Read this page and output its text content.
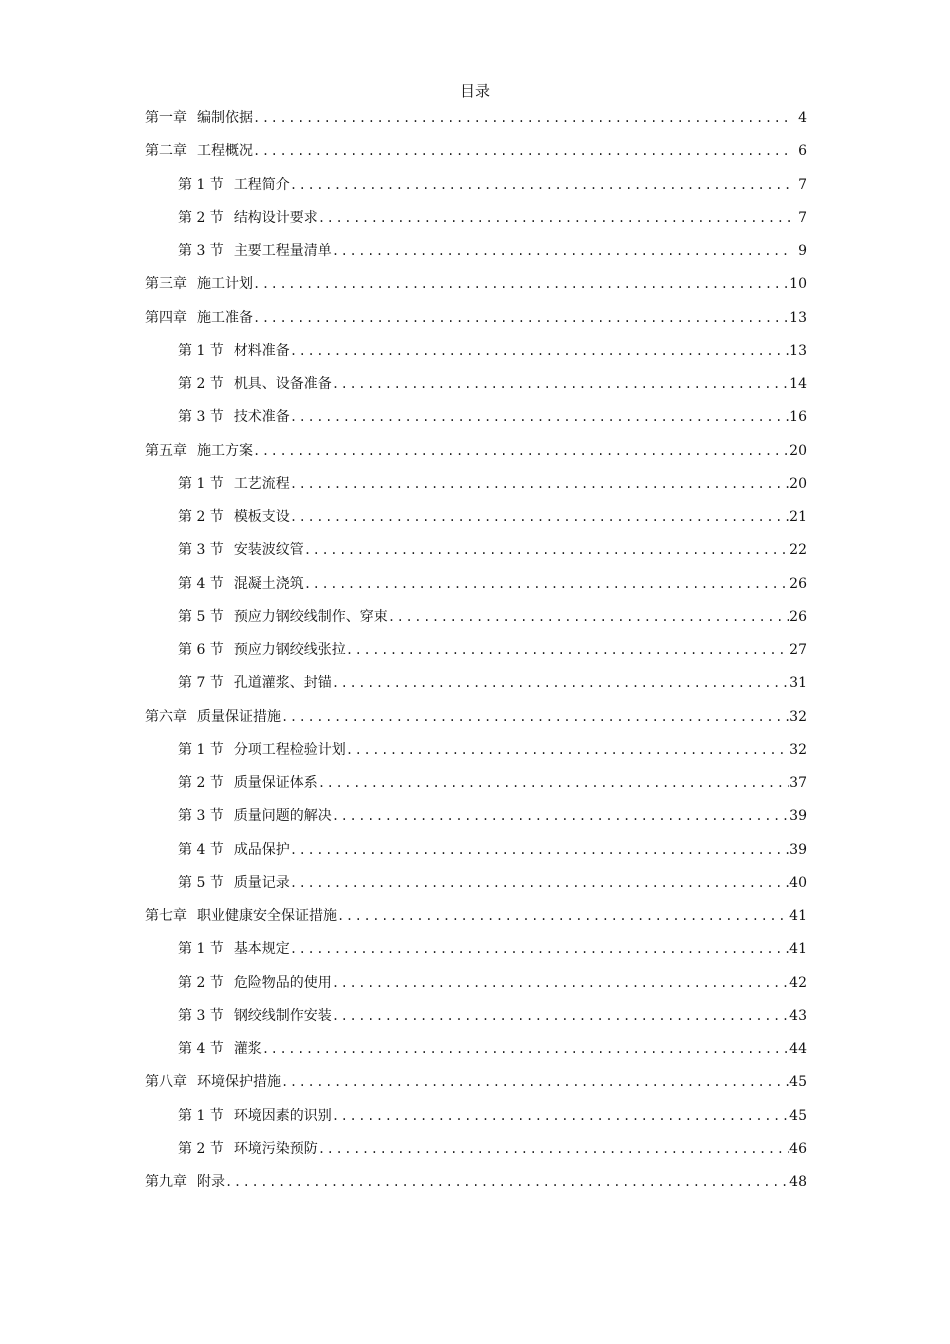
目录
第一章 编制依据 .....	4
第二章 工程概况 .....	6
第 1 节 工程简介 .....	7
第 2 节 结构设计要求 .....	7
第 3 节 主要工程量清单 .....	9
第三章 施工计划 .....	10
第四章 施工准备 .....	13
第 1 节 材料准备 .....	13
第 2 节 机具、设备准备 .....	14
第 3 节 技术准备 .....	16
第五章 施工方案 .....	20
第 1 节 工艺流程 .....	20
第 2 节 模板支设 .....	21
第 3 节 安装波纹管 .....	22
第 4 节 混凝土浇筑 .....	26
第 5 节 预应力钢绞线制作、穿束 .....	26
第 6 节 预应力钢绞线张拉 .....	27
第 7 节 孔道灌浆、封锚 .....	31
第六章 质量保证措施 .....	32
第 1 节 分项工程检验计划 .....	32
第 2 节 质量保证体系 .....	37
第 3 节 质量问题的解决 .....	39
第 4 节 成品保护 .....	39
第 5 节 质量记录 .....	40
第七章 职业健康安全保证措施 .....	41
第 1 节 基本规定 .....	41
第 2 节 危险物品的使用 .....	42
第 3 节 钢绞线制作安装 .....	43
第 4 节 灌浆 .....	44
第八章 环境保护措施 .....	45
第 1 节 环境因素的识别 .....	45
第 2 节 环境污染预防 .....	46
第九章 附录 .....	48
